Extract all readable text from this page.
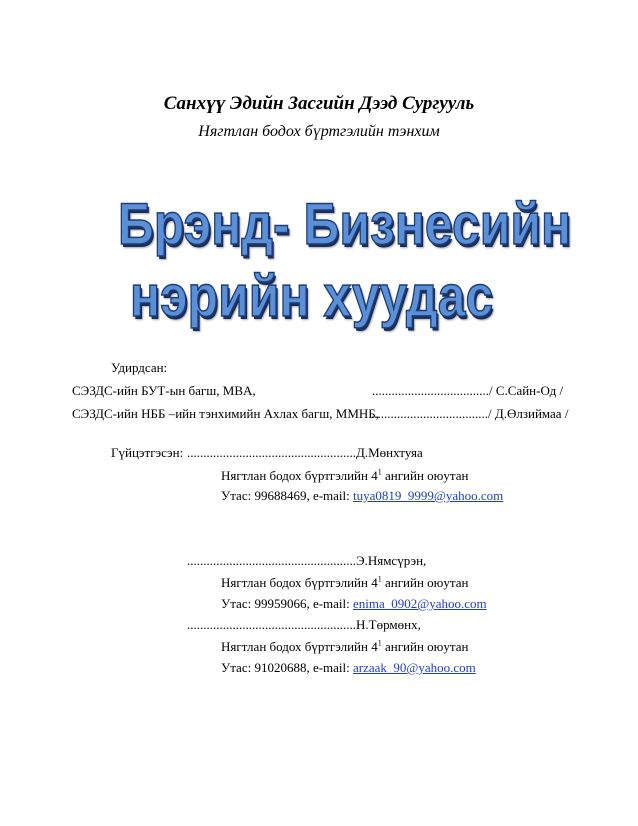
Санхүү Эдийн Засгийн Дээд Сургууль
Нягтлан бодох бүртгэлийн тэнхим
Брэнд- Бизнесийн
нэрийн хуудас
Удирдсан:
СЭЗДС-ийн БУТ-ын багш, MBA,	..................................../ С.Сайн-Од /
СЭЗДС-ийн НББ –ийн тэнхимийн Ахлах багш, ММНБ,
..................................../ Д.Өлзиймаа /
Гүйцэтгэсэн: ....................................................Д.Мөнхтуяа
Нягтлан бодох бүртгэлийн $4^1$ ангийн оюутан
Утас: 99688469, e-mail: tuya0819_9999@yahoo.com
....................................................Э.Нямсүрэн,
Нягтлан бодох бүртгэлийн $4^1$ ангийн оюутан
Утас: 99959066, e-mail: enima_0902@yahoo.com
....................................................Н.Төрмөнх,
Нягтлан бодох бүртгэлийн $4^1$ ангийн оюутан
Утас: 91020688, e-mail: arzaak_90@yahoo.com
